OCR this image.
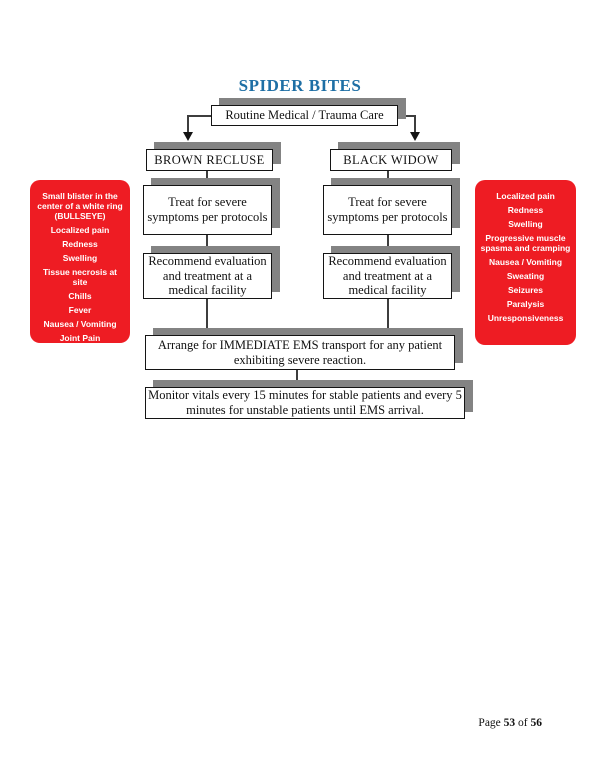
SPIDER BITES
Routine Medical / Trauma Care
BROWN RECLUSE	BLACK WIDOW
Treat for severe symptoms per protocols
Treat for severe symptoms per protocols
Recommend evaluation and treatment at a medical facility
Recommend evaluation and treatment at a medical facility
Arrange for IMMEDIATE EMS transport for any patient exhibiting severe reaction.
Monitor vitals every 15 minutes for stable patients and every 5 minutes for unstable patients until EMS arrival.
Small blister in the center of a white ring (BULLSEYE)
Localized pain
Redness
Swelling
Tissue necrosis at site
Chills
Fever
Nausea / Vomiting
Joint Pain
Localized pain
Redness
Swelling
Progressive muscle spasma and cramping
Nausea / Vomiting
Sweating
Seizures
Paralysis
Unresponsiveness
Page 53 of 56
